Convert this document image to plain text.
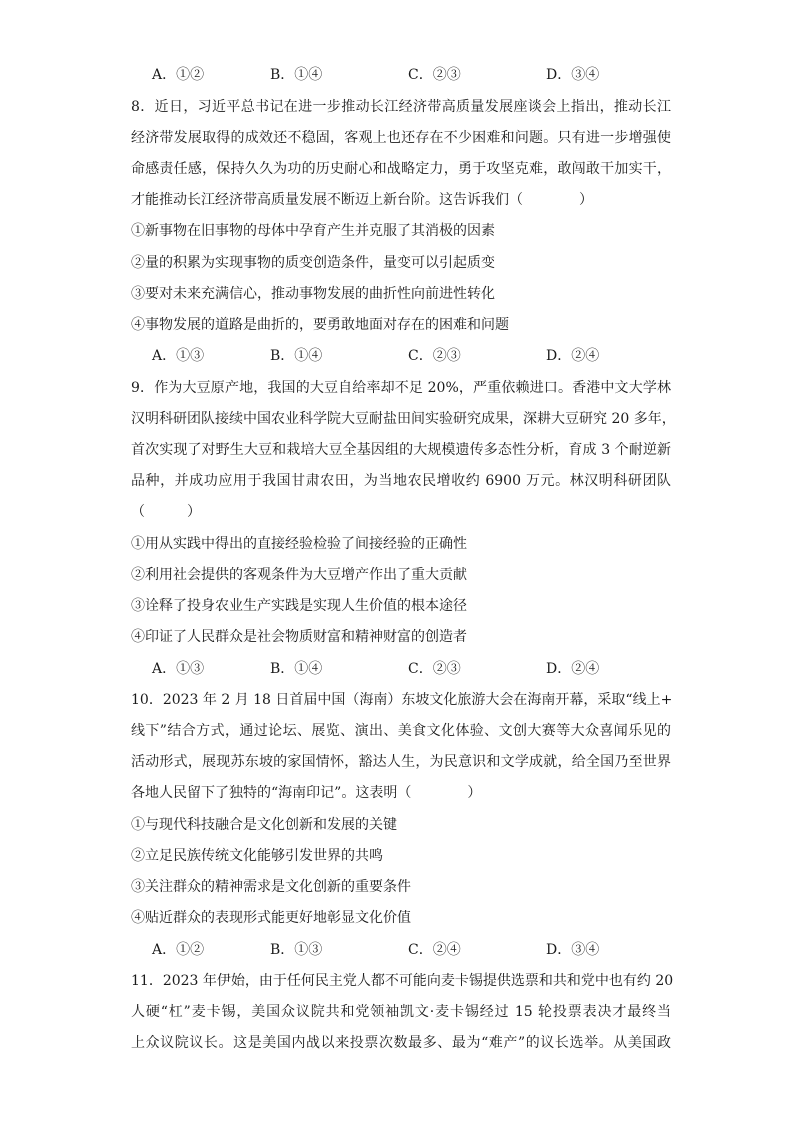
A．①②	B．①④	C．②③	D．③④
8．近日，习近平总书记在进一步推动长江经济带高质量发展座谈会上指出，推动长江
经济带发展取得的成效还不稳固，客观上也还存在不少困难和问题。只有进一步增强使
命感责任感，保持久久为功的历史耐心和战略定力，勇于攻坚克难，敢闯敢干加实干，
才能推动长江经济带高质量发展不断迈上新台阶。这告诉我们（　　　　）
①新事物在旧事物的母体中孕育产生并克服了其消极的因素
②量的积累为实现事物的质变创造条件，量变可以引起质变
③要对未来充满信心，推动事物发展的曲折性向前进性转化
④事物发展的道路是曲折的，要勇敢地面对存在的困难和问题
A．①③	B．①④	C．②③	D．②④
9．作为大豆原产地，我国的大豆自给率却不足 20%，严重依赖进口。香港中文大学林
汉明科研团队接续中国农业科学院大豆耐盐田间实验研究成果，深耕大豆研究 20 多年，
首次实现了对野生大豆和栽培大豆全基因组的大规模遗传多态性分析，育成 3 个耐逆新
品种，并成功应用于我国甘肃农田，为当地农民增收约 6900 万元。林汉明科研团队
（　　　）
①用从实践中得出的直接经验检验了间接经验的正确性
②利用社会提供的客观条件为大豆增产作出了重大贡献
③诠释了投身农业生产实践是实现人生价值的根本途径
④印证了人民群众是社会物质财富和精神财富的创造者
A．①③	B．①④	C．②③	D．②④
10．2023 年 2 月 18 日首届中国（海南）东坡文化旅游大会在海南开幕，采取“线上+
线下”结合方式，通过论坛、展览、演出、美食文化体验、文创大赛等大众喜闻乐见的
活动形式，展现苏东坡的家国情怀，豁达人生，为民意识和文学成就，给全国乃至世界
各地人民留下了独特的“海南印记”。这表明（　　　　）
①与现代科技融合是文化创新和发展的关键
②立足民族传统文化能够引发世界的共鸣
③关注群众的精神需求是文化创新的重要条件
④贴近群众的表现形式能更好地彰显文化价值
A．①②	B．①③	C．②④	D．③④
11．2023 年伊始，由于任何民主党人都不可能向麦卡锡提供选票和共和党中也有约 20
人硬“杠”麦卡锡，美国众议院共和党领袖凯文·麦卡锡经过 15 轮投票表决才最终当
上众议院议长。这是美国内战以来投票次数最多、最为“难产”的议长选举。从美国政
